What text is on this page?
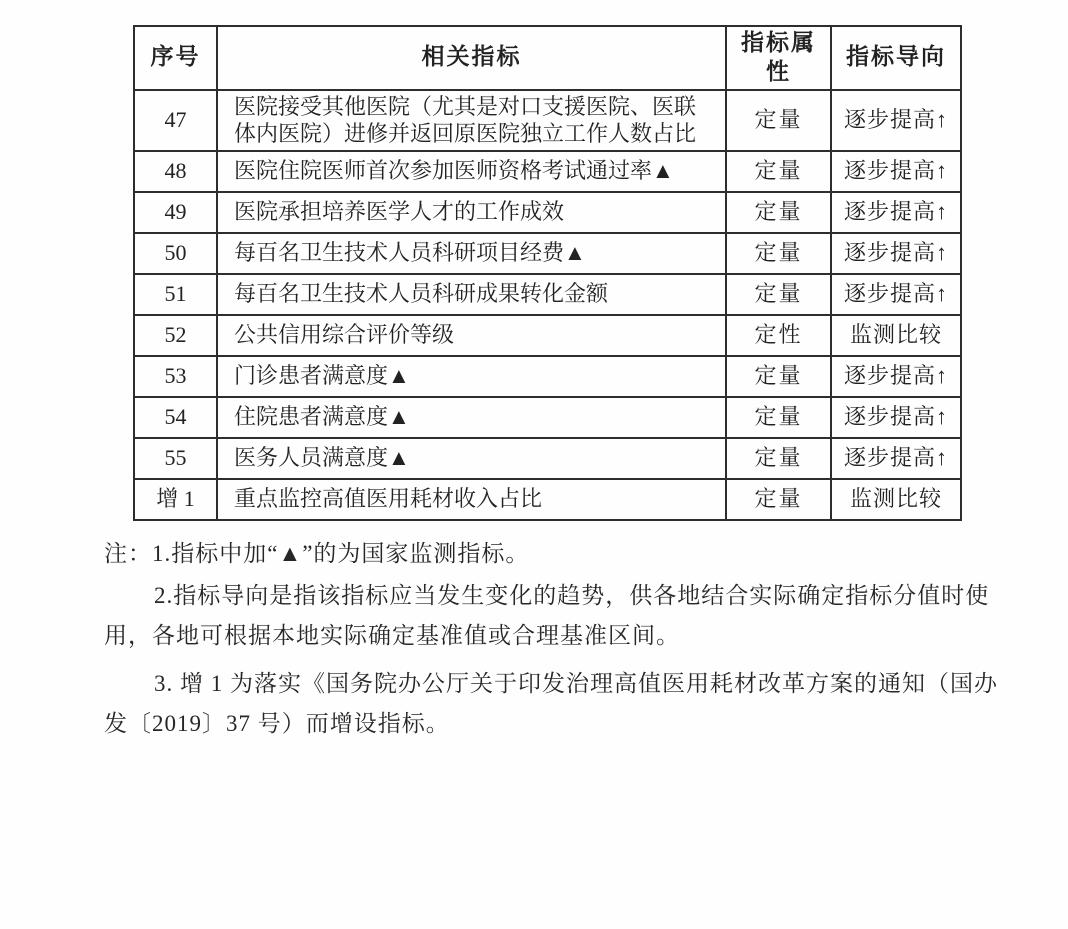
序号	相关指标	指标属性	指标导向
47	医院接受其他医院（尤其是对口支援医院、医联体内医院）进修并返回原医院独立工作人数占比	定量	逐步提高↑
48	医院住院医师首次参加医师资格考试通过率▲	定量	逐步提高↑
49	医院承担培养医学人才的工作成效	定量	逐步提高↑
50	每百名卫生技术人员科研项目经费▲	定量	逐步提高↑
51	每百名卫生技术人员科研成果转化金额	定量	逐步提高↑
52	公共信用综合评价等级	定性	监测比较
53	门诊患者满意度▲	定量	逐步提高↑
54	住院患者满意度▲	定量	逐步提高↑
55	医务人员满意度▲	定量	逐步提高↑
增 1	重点监控高值医用耗材收入占比	定量	监测比较
注：1.指标中加“▲”的为国家监测指标。
2.指标导向是指该指标应当发生变化的趋势，供各地结合实际确定指标分值时使
用，各地可根据本地实际确定基准值或合理基准区间。
3. 增 1 为落实《国务院办公厅关于印发治理高值医用耗材改革方案的通知（国办
发〔2019〕37 号）而增设指标。
